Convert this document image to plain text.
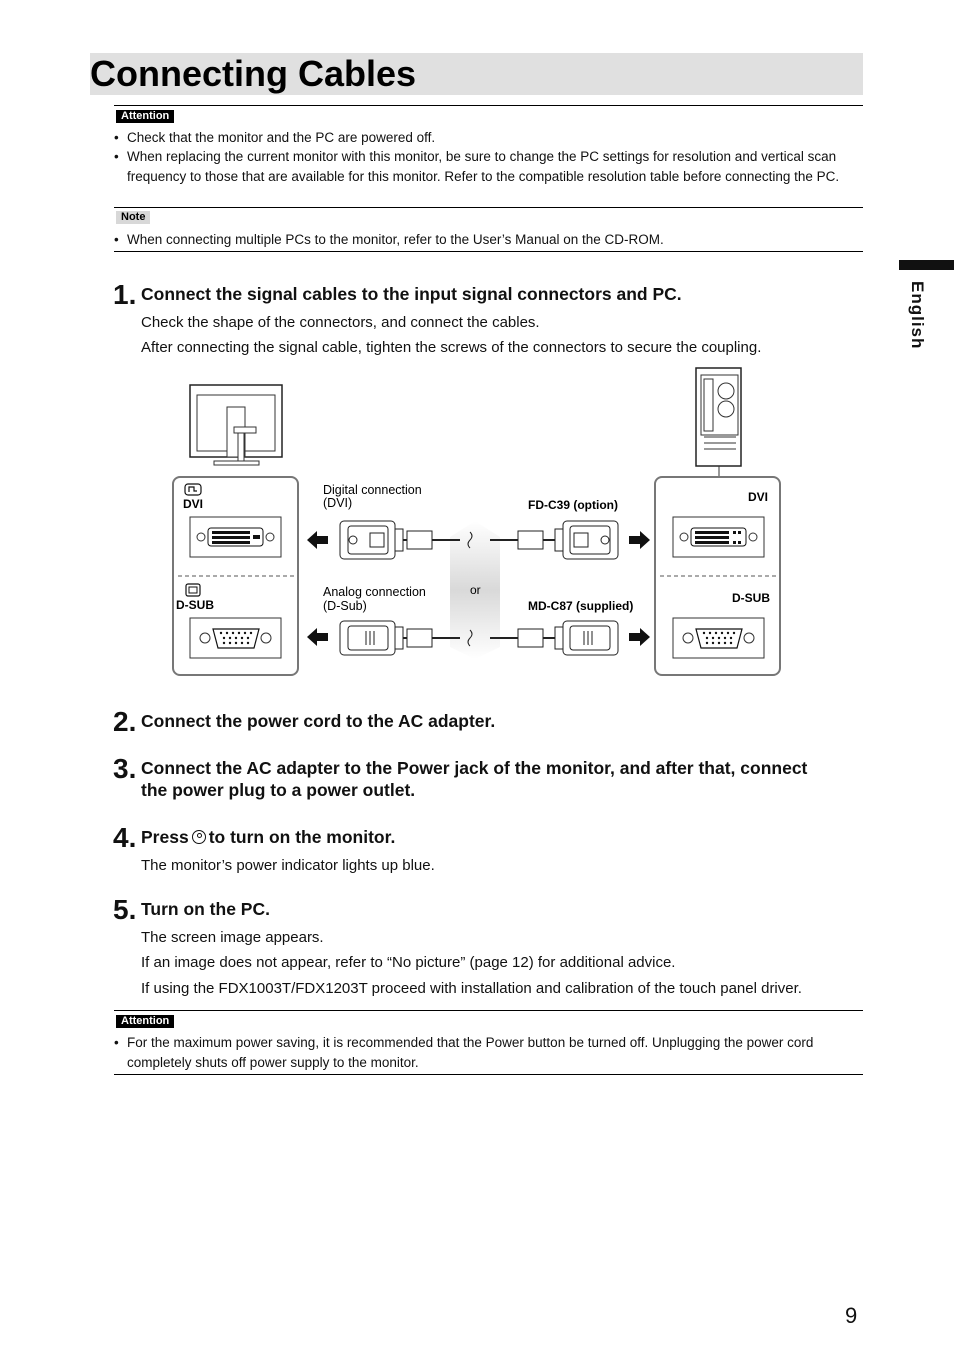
Connecting Cables
English
Attention
• Check that the monitor and the PC are powered off.
• When replacing the current monitor with this monitor, be sure to change the PC settings for resolution and vertical scan frequency to those that are available for this monitor. Refer to the compatible resolution table before connecting the PC.
Note
• When connecting multiple PCs to the monitor, refer to the User’s Manual on the CD-ROM.
1. Connect the signal cables to the input signal connectors and PC.
Check the shape of the connectors, and connect the cables.
After connecting the signal cable, tighten the screws of the connectors to secure the coupling.
DVI
D-SUB
DVI
D-SUB
or
Digital connection
(DVI)	FD-C39 (option)
Analog connection
(D-Sub)	MD-C87 (supplied)
2. Connect the power cord to the AC adapter.
3. Connect the AC adapter to the Power jack of the monitor, and after that, connect the power plug to a power outlet.
4. Press to turn on the monitor.
The monitor’s power indicator lights up blue.
5. Turn on the PC.
The screen image appears.
If an image does not appear, refer to “No picture” (page 12) for additional advice.
If using the FDX1003T/FDX1203T proceed with installation and calibration of the touch panel driver.
Attention
• For the maximum power saving, it is recommended that the Power button be turned off. Unplugging the power cord completely shuts off power supply to the monitor.
9
